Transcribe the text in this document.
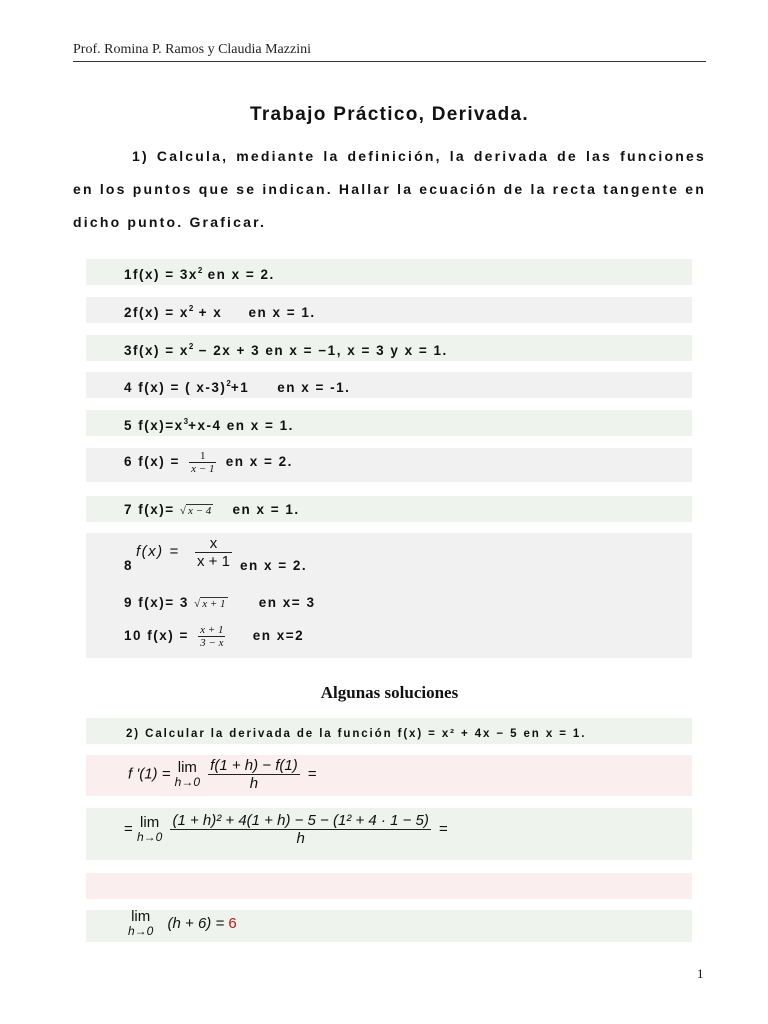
Prof. Romina P. Ramos y Claudia Mazzini
Trabajo Práctico, Derivada.
1) Calcula, mediante la definición, la derivada de las funciones en los puntos que se indican. Hallar la ecuación de la recta tangente en dicho punto. Graficar.
$1f(x) = 3x^2$ en x = 2.
$2f(x) = x^2 + x$     en x = 1.
$3f(x) = x^2 - 2x + 3$ en x = −1, x = 3 y x = 1.
4 f(x) = ( x-3)$^2$+1 en x = -1.
5 $f(x)=x^3+x-4$ en x = 1.
6 $f(x) = \frac{1}{x - 1}$ en x = 2.
7 f(x)= √ x − 4 en x = 1.
$f(x) = \frac{x}{x + 1}$
8	en x = 2.
9 f(x)= 3 √ x + 1 en x= 3
10 $f(x) = \frac{x + 1}{3 - x}$ en x=2
Algunas soluciones
2) Calcular la derivada de la función f(x) = x² + 4x − 5 en x = 1.
f '(1) = lim
h→0
$\frac{f(1 + h) - f(1)}{h}$ =
= lim
h→0
$\frac{\text{(1 + h)² + 4(1 + h) − 5 − (1² + 4 · 1 − 5)}}{h}$ =
lim
h→0 (h + 6) = 6
1
